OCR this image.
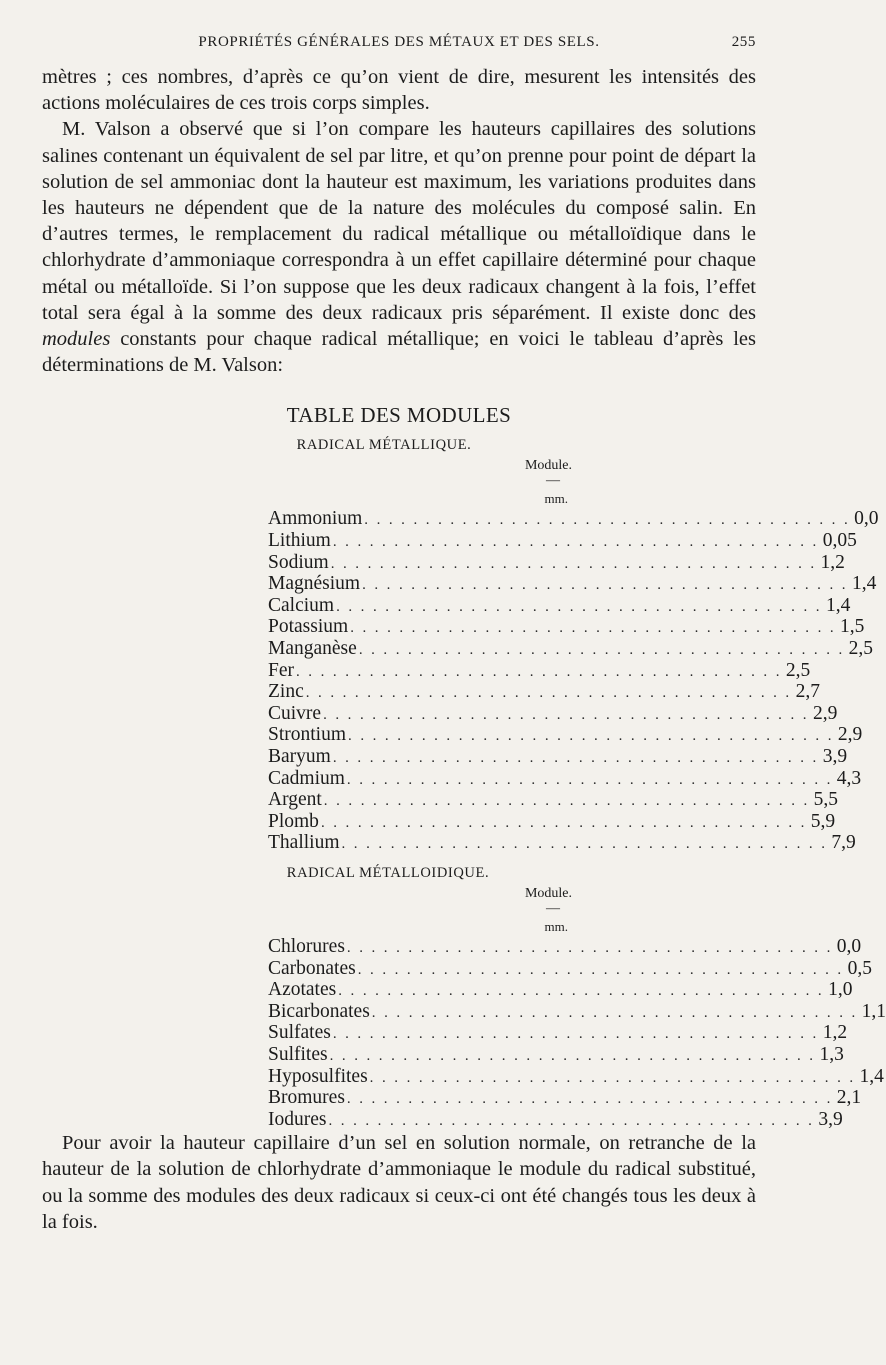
PROPRIÉTÉS GÉNÉRALES DES MÉTAUX ET DES SELS.	255

mètres ; ces nombres, d’après ce qu’on vient de dire, mesurent les intensités des actions moléculaires de ces trois corps simples.

M. Valson a observé que si l’on compare les hauteurs capillaires des solutions salines contenant un équivalent de sel par litre, et qu’on prenne pour point de départ la solution de sel ammoniac dont la hauteur est maximum, les variations produites dans les hauteurs ne dépendent que de la nature des molécules du composé salin. En d’autres termes, le remplacement du radical métallique ou métalloïdique dans le chlorhydrate d’ammoniaque correspondra à un effet capillaire déterminé pour chaque métal ou métalloïde. Si l’on suppose que les deux radicaux changent à la fois, l’effet total sera égal à la somme des deux radicaux pris séparément. Il existe donc des modules constants pour chaque radical métallique; en voici le tableau d’après les déterminations de M. Valson:

TABLE DES MODULES
RADICAL MÉTALLIQUE.
Module.
—
mm.
Ammonium . . . . . . . . . . . . . . . . . . . . . . . . . . . . . . . . . . . . . . . . 0,0
Lithium . . . . . . . . . . . . . . . . . . . . . . . . . . . . . . . . . . . . . . . . 0,05
Sodium . . . . . . . . . . . . . . . . . . . . . . . . . . . . . . . . . . . . . . . . 1,2
Magnésium . . . . . . . . . . . . . . . . . . . . . . . . . . . . . . . . . . . . . . . . 1,4
Calcium . . . . . . . . . . . . . . . . . . . . . . . . . . . . . . . . . . . . . . . . 1,4
Potassium . . . . . . . . . . . . . . . . . . . . . . . . . . . . . . . . . . . . . . . . 1,5
Manganèse . . . . . . . . . . . . . . . . . . . . . . . . . . . . . . . . . . . . . . . . 2,5
Fer . . . . . . . . . . . . . . . . . . . . . . . . . . . . . . . . . . . . . . . . 2,5
Zinc . . . . . . . . . . . . . . . . . . . . . . . . . . . . . . . . . . . . . . . . 2,7
Cuivre . . . . . . . . . . . . . . . . . . . . . . . . . . . . . . . . . . . . . . . . 2,9
Strontium . . . . . . . . . . . . . . . . . . . . . . . . . . . . . . . . . . . . . . . . 2,9
Baryum . . . . . . . . . . . . . . . . . . . . . . . . . . . . . . . . . . . . . . . . 3,9
Cadmium . . . . . . . . . . . . . . . . . . . . . . . . . . . . . . . . . . . . . . . . 4,3
Argent . . . . . . . . . . . . . . . . . . . . . . . . . . . . . . . . . . . . . . . . 5,5
Plomb . . . . . . . . . . . . . . . . . . . . . . . . . . . . . . . . . . . . . . . . 5,9
Thallium . . . . . . . . . . . . . . . . . . . . . . . . . . . . . . . . . . . . . . . . 7,9
RADICAL MÉTALLOIDIQUE.
Module.
—
mm.
Chlorures . . . . . . . . . . . . . . . . . . . . . . . . . . . . . . . . . . . . . . . . 0,0
Carbonates . . . . . . . . . . . . . . . . . . . . . . . . . . . . . . . . . . . . . . . . 0,5
Azotates . . . . . . . . . . . . . . . . . . . . . . . . . . . . . . . . . . . . . . . . 1,0
Bicarbonates . . . . . . . . . . . . . . . . . . . . . . . . . . . . . . . . . . . . . . . . 1,1
Sulfates . . . . . . . . . . . . . . . . . . . . . . . . . . . . . . . . . . . . . . . . 1,2
Sulfites . . . . . . . . . . . . . . . . . . . . . . . . . . . . . . . . . . . . . . . . 1,3
Hyposulfites . . . . . . . . . . . . . . . . . . . . . . . . . . . . . . . . . . . . . . . . 1,4
Bromures . . . . . . . . . . . . . . . . . . . . . . . . . . . . . . . . . . . . . . . . 2,1
Iodures . . . . . . . . . . . . . . . . . . . . . . . . . . . . . . . . . . . . . . . . 3,9

Pour avoir la hauteur capillaire d’un sel en solution normale, on retranche de la hauteur de la solution de chlorhydrate d’ammoniaque le module du radical substitué, ou la somme des modules des deux radicaux si ceux-ci ont été changés tous les deux à la fois.
